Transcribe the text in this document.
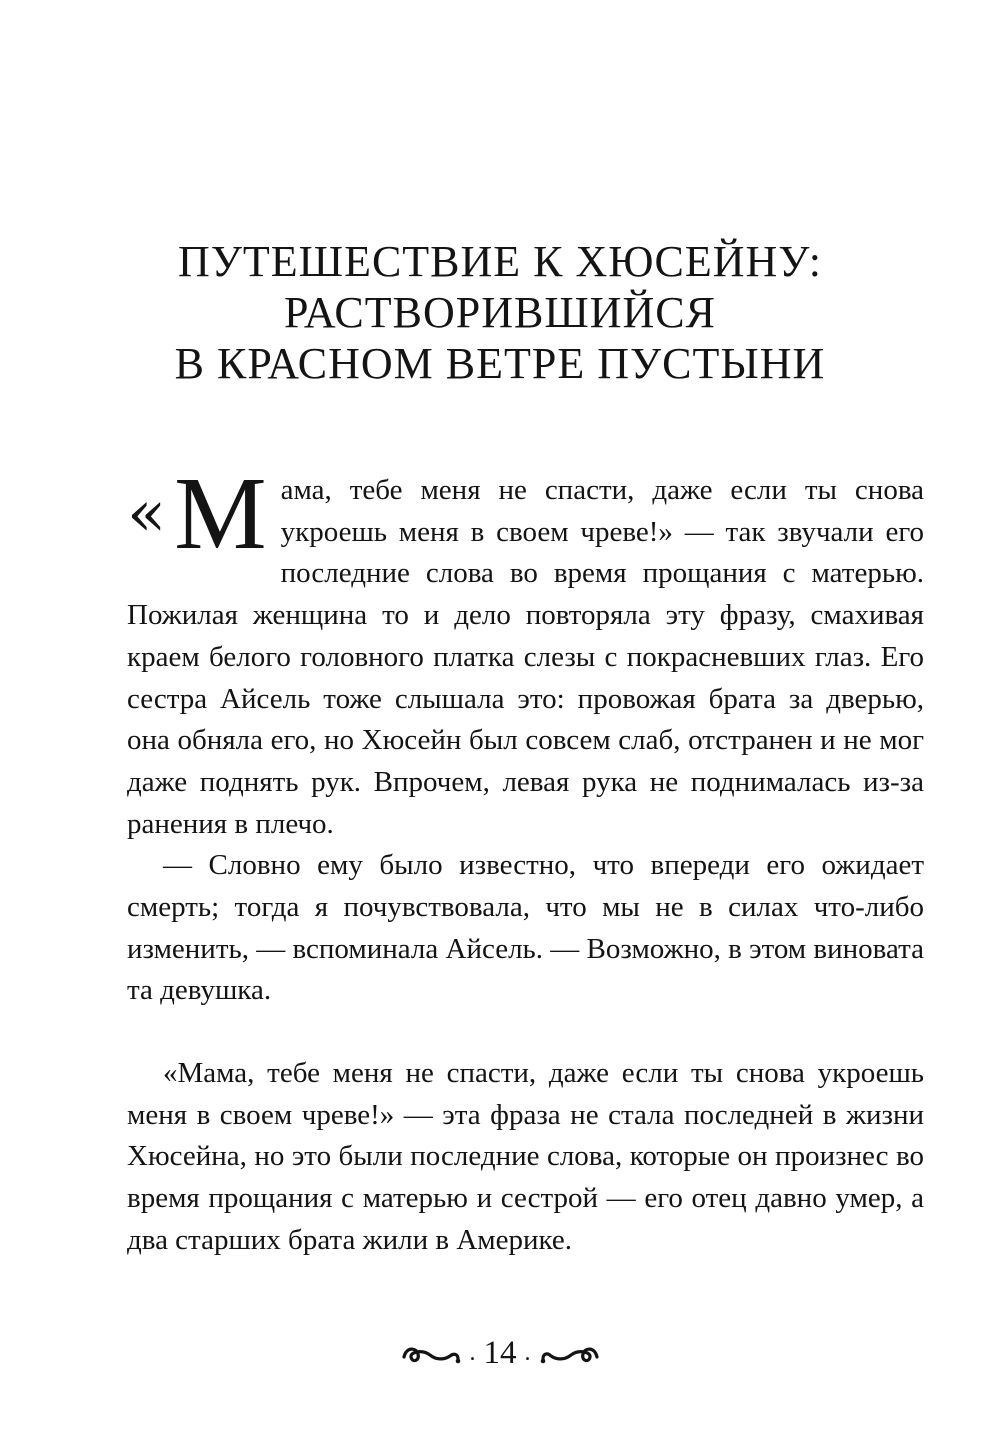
ПУТЕШЕСТВИЕ К ХЮСЕЙНУ:
РАСТВОРИВШИЙСЯ
В КРАСНОМ ВЕТРЕ ПУСТЫНИ

«М ама, тебе меня не спасти, даже если ты снова укроешь меня в своем чреве!» — так звучали его последние слова во время прощания с матерью. Пожилая женщина то и дело повторяла эту фразу, смахивая краем белого головного платка слезы с покрасневших глаз. Его сестра Айсель тоже слышала это: провожая брата за дверью, она обняла его, но Хюсейн был совсем слаб, отстранен и не мог даже поднять рук. Впрочем, левая рука не поднималась из-за ранения в плечо.

— Словно ему было известно, что впереди его ожидает смерть; тогда я почувствовала, что мы не в силах что-либо изменить, — вспоминала Айсель. — Возможно, в этом виновата та девушка.

«Мама, тебе меня не спасти, даже если ты снова укроешь меня в своем чреве!» — эта фраза не стала последней в жизни Хюсейна, но это были последние слова, которые он произнес во время прощания с матерью и сестрой — его отец давно умер, а два старших брата жили в Америке.

. 14 .
